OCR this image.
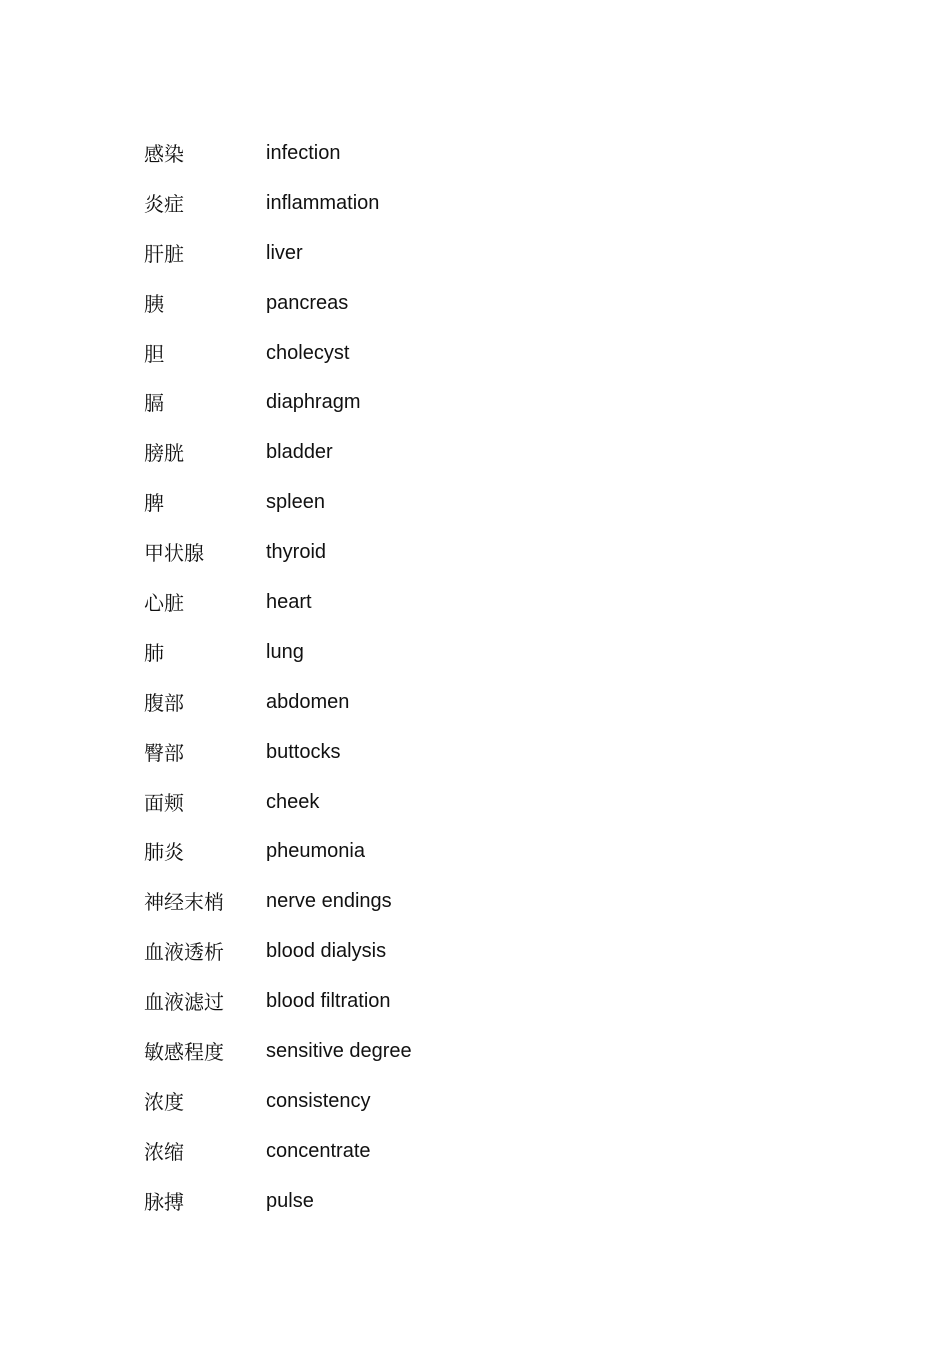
感染	infection
炎症	inflammation
肝脏	liver
胰	pancreas
胆	cholecyst
膈	diaphragm
膀胱	bladder
脾	spleen
甲状腺	thyroid
心脏	heart
肺	lung
腹部	abdomen
臀部	buttocks
面颊	cheek
肺炎	pheumonia
神经末梢	nerve endings
血液透析	blood dialysis
血液滤过	blood filtration
敏感程度	sensitive degree
浓度	consistency
浓缩	concentrate
脉搏	pulse
